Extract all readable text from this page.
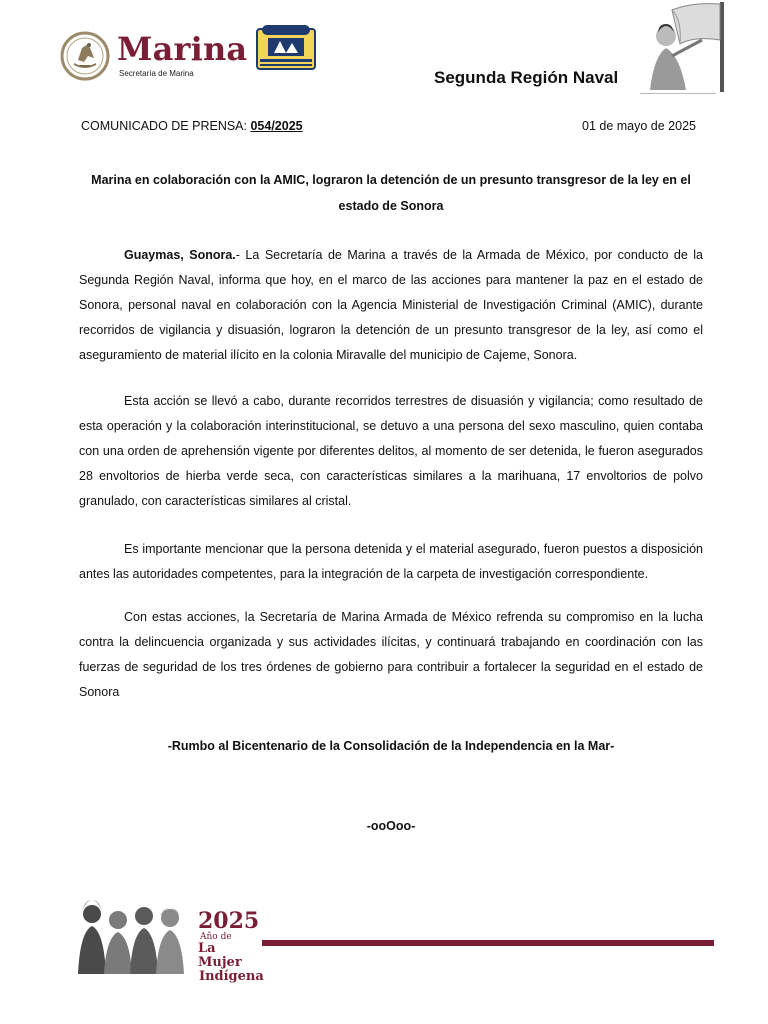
Marina
Secretaría de Marina	Segunda Región Naval
COMUNICADO DE PRENSA: 054/2025	01 de mayo de 2025
Marina en colaboración con la AMIC, lograron la detención de un presunto transgresor de la ley en el estado de Sonora

Guaymas, Sonora.- La Secretaría de Marina a través de la Armada de México, por conducto de la Segunda Región Naval, informa que hoy, en el marco de las acciones para mantener la paz en el estado de Sonora, personal naval en colaboración con la Agencia Ministerial de Investigación Criminal (AMIC), durante recorridos de vigilancia y disuasión, lograron la detención de un presunto transgresor de la ley, así como el aseguramiento de material ilícito en la colonia Miravalle del municipio de Cajeme, Sonora.

Esta acción se llevó a cabo, durante recorridos terrestres de disuasión y vigilancia; como resultado de esta operación y la colaboración interinstitucional, se detuvo a una persona del sexo masculino, quien contaba con una orden de aprehensión vigente por diferentes delitos, al momento de ser detenida, le fueron asegurados 28 envoltorios de hierba verde seca, con características similares a la marihuana, 17 envoltorios de polvo granulado, con características similares al cristal.

Es importante mencionar que la persona detenida y el material asegurado, fueron puestos a disposición antes las autoridades competentes, para la integración de la carpeta de investigación correspondiente.

Con estas acciones, la Secretaría de Marina Armada de México refrenda su compromiso en la lucha contra la delincuencia organizada y sus actividades ilícitas, y continuará trabajando en coordinación con las fuerzas de seguridad de los tres órdenes de gobierno para contribuir a fortalecer la seguridad en el estado de Sonora

-Rumbo al Bicentenario de la Consolidación de la Independencia en la Mar-
-ooOoo-
2025
Año de
La Mujer
Indígena
